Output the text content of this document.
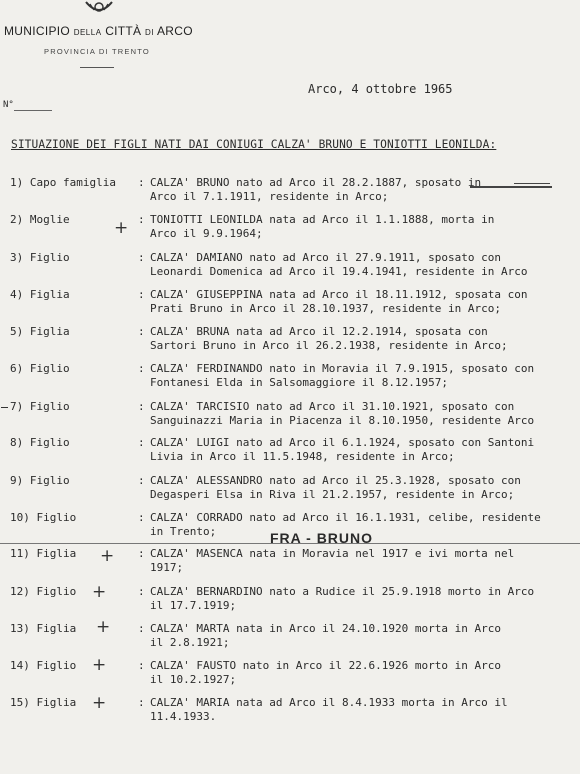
MUNICIPIO DELLA CITTÀ DI ARCO
PROVINCIA DI TRENTO
Arco, 4 ottobre 1965
N°
SITUAZIONE DEI FIGLI NATI DAI CONIUGI CALZA' BRUNO E TONIOTTI LEONILDA:
1) Capo famiglia : CALZA' BRUNO nato ad Arco il 28.2.1887, sposato in
Arco il 7.1.1911, residente in Arco;
2) Moglie	: TONIOTTI LEONILDA nata ad Arco il 1.1.1888, morta in
Arco il 9.9.1964;
3) Figlio	: CALZA' DAMIANO nato ad Arco il 27.9.1911, sposato con
Leonardi Domenica ad Arco il 19.4.1941, residente in Arco
4) Figlia	: CALZA' GIUSEPPINA nata ad Arco il 18.11.1912, sposata con
Prati Bruno in Arco il 28.10.1937, residente in Arco;
5) Figlia	: CALZA' BRUNA nata ad Arco il 12.2.1914, sposata con
Sartori Bruno in Arco il 26.2.1938, residente in Arco;
6) Figlio	: CALZA' FERDINANDO nato in Moravia il 7.9.1915, sposato con
Fontanesi Elda in Salsomaggiore il 8.12.1957;
7) Figlio	: CALZA' TARCISIO nato ad Arco il 31.10.1921, sposato con
Sanguinazzi Maria in Piacenza il 8.10.1950, residente Arco
8) Figlio	: CALZA' LUIGI nato ad Arco il 6.1.1924, sposato con Santoni
Livia in Arco il 11.5.1948, residente in Arco;
9) Figlio	: CALZA' ALESSANDRO nato ad Arco il 25.3.1928, sposato con
Degasperi Elsa in Riva il 21.2.1957, residente in Arco;
10) Figlio	: CALZA' CORRADO nato ad Arco il 16.1.1931, celibe, residente
in Trento;
11) Figlia	: CALZA' MASENCA nata in Moravia nel 1917 e ivi morta nel
1917;
12) Figlio	: CALZA' BERNARDINO nato a Rudice il 25.9.1918 morto in Arco
il 17.7.1919;
13) Figlia	: CALZA' MARTA nata in Arco il 24.10.1920 morta in Arco
il 2.8.1921;
14) Figlio	: CALZA' FAUSTO nato in Arco il 22.6.1926 morto in Arco
il 10.2.1927;
15) Figlia	: CALZA' MARIA nata ad Arco il 8.4.1933 morta in Arco il
11.4.1933.
FRA - BRUNO
+
+
+
+
+
+
